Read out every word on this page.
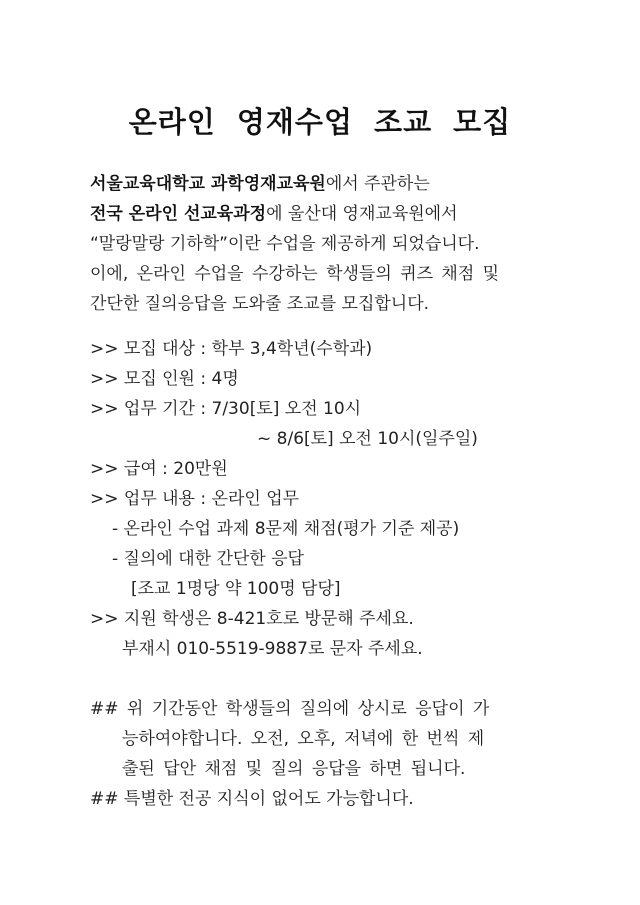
온라인 영재수업 조교 모집
서울교육대학교 과학영재교육원에서 주관하는
전국 온라인 선교육과정에 울산대 영재교육원에서
“말랑말랑 기하학”이란 수업을 제공하게 되었습니다.
이에, 온라인 수업을 수강하는 학생들의 퀴즈 채점 및
간단한 질의응답을 도와줄 조교를 모집합니다.
>> 모집 대상 : 학부 3,4학년(수학과)
>> 모집 인원 : 4명
>> 업무 기간 : 7/30[토] 오전 10시
~ 8/6[토] 오전 10시(일주일)
>> 급여 : 20만원
>> 업무 내용 : 온라인 업무
- 온라인 수업 과제 8문제 채점(평가 기준 제공)
- 질의에 대한 간단한 응답
[조교 1명당 약 100명 담당]
>> 지원 학생은 8-421호로 방문해 주세요.
부재시 010-5519-9887로 문자 주세요.
## 위 기간동안 학생들의 질의에 상시로 응답이 가
능하여야합니다. 오전, 오후, 저녁에 한 번씩 제
출된 답안 채점 및 질의 응답을 하면 됩니다.
## 특별한 전공 지식이 없어도 가능합니다.
